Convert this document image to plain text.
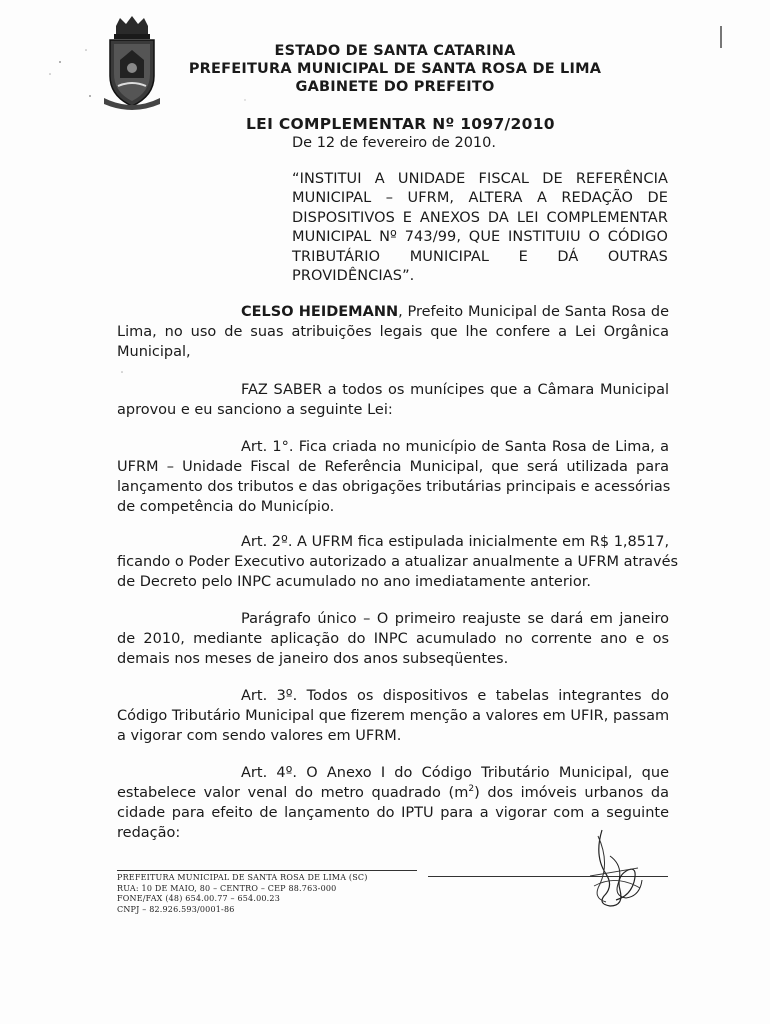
ESTADO DE SANTA CATARINA
PREFEITURA MUNICIPAL DE SANTA ROSA DE LIMA
GABINETE DO PREFEITO
LEI COMPLEMENTAR Nº 1097/2010
De 12 de fevereiro de 2010.
“INSTITUI A UNIDADE FISCAL DE REFERÊNCIA
MUNICIPAL – UFRM, ALTERA A REDAÇÃO DE
DISPOSITIVOS E ANEXOS DA LEI COMPLEMENTAR
MUNICIPAL Nº 743/99, QUE INSTITUIU O CÓDIGO
TRIBUTÁRIO MUNICIPAL E DÁ OUTRAS
PROVIDÊNCIAS”.
CELSO HEIDEMANN, Prefeito Municipal de Santa Rosa de
Lima, no uso de suas atribuições legais que lhe confere a Lei Orgânica
Municipal,
FAZ SABER a todos os munícipes que a Câmara Municipal
aprovou e eu sanciono a seguinte Lei:
Art. 1°. Fica criada no município de Santa Rosa de Lima, a
UFRM – Unidade Fiscal de Referência Municipal, que será utilizada para
lançamento dos tributos e das obrigações tributárias principais e acessórias
de competência do Município.
Art. 2º. A UFRM fica estipulada inicialmente em R$ 1,8517,
ficando o Poder Executivo autorizado a atualizar anualmente a UFRM através
de Decreto pelo INPC acumulado no ano imediatamente anterior.
Parágrafo único – O primeiro reajuste se dará em janeiro
de 2010, mediante aplicação do INPC acumulado no corrente ano e os
demais nos meses de janeiro dos anos subseqüentes.
Art. 3º. Todos os dispositivos e tabelas integrantes do
Código Tributário Municipal que fizerem menção a valores em UFIR, passam
a vigorar com sendo valores em UFRM.
Art. 4º. O Anexo I do Código Tributário Municipal, que
estabelece valor venal do metro quadrado $(m^2)$ dos imóveis urbanos da
cidade para efeito de lançamento do IPTU para a vigorar com a seguinte
redação:
PREFEITURA MUNICIPAL DE SANTA ROSA DE LIMA (SC)
RUA: 10 DE MAIO, 80 – CENTRO – CEP 88.763-000
FONE/FAX (48) 654.00.77 – 654.00.23
CNPJ – 82.926.593/0001-86
